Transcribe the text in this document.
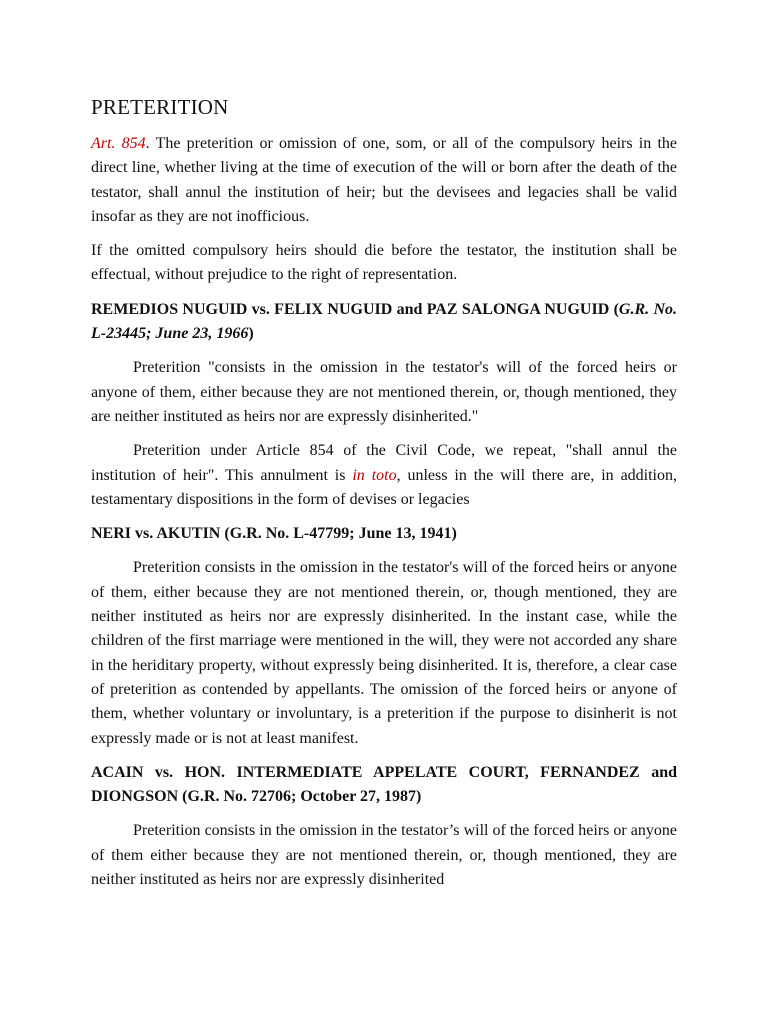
PRETERITION

Art. 854. The preterition or omission of one, som, or all of the compulsory heirs in the direct line, whether living at the time of execution of the will or born after the death of the testator, shall annul the institution of heir; but the devisees and legacies shall be valid insofar as they are not inofficious.

If the omitted compulsory heirs should die before the testator, the institution shall be effectual, without prejudice to the right of representation.

REMEDIOS NUGUID vs. FELIX NUGUID and PAZ SALONGA NUGUID (G.R. No. L-23445; June 23, 1966)

Preterition "consists in the omission in the testator's will of the forced heirs or anyone of them, either because they are not mentioned therein, or, though mentioned, they are neither instituted as heirs nor are expressly disinherited."

Preterition under Article 854 of the Civil Code, we repeat, "shall annul the institution of heir". This annulment is in toto, unless in the will there are, in addition, testamentary dispositions in the form of devises or legacies

NERI vs. AKUTIN (G.R. No. L-47799; June 13, 1941)

Preterition consists in the omission in the testator's will of the forced heirs or anyone of them, either because they are not mentioned therein, or, though mentioned, they are neither instituted as heirs nor are expressly disinherited. In the instant case, while the children of the first marriage were mentioned in the will, they were not accorded any share in the heriditary property, without expressly being disinherited. It is, therefore, a clear case of preterition as contended by appellants. The omission of the forced heirs or anyone of them, whether voluntary or involuntary, is a preterition if the purpose to disinherit is not expressly made or is not at least manifest.

ACAIN vs. HON. INTERMEDIATE APPELATE COURT, FERNANDEZ and DIONGSON (G.R. No. 72706; October 27, 1987)

Preterition consists in the omission in the testator’s will of the forced heirs or anyone of them either because they are not mentioned therein, or, though mentioned, they are neither instituted as heirs nor are expressly disinherited
